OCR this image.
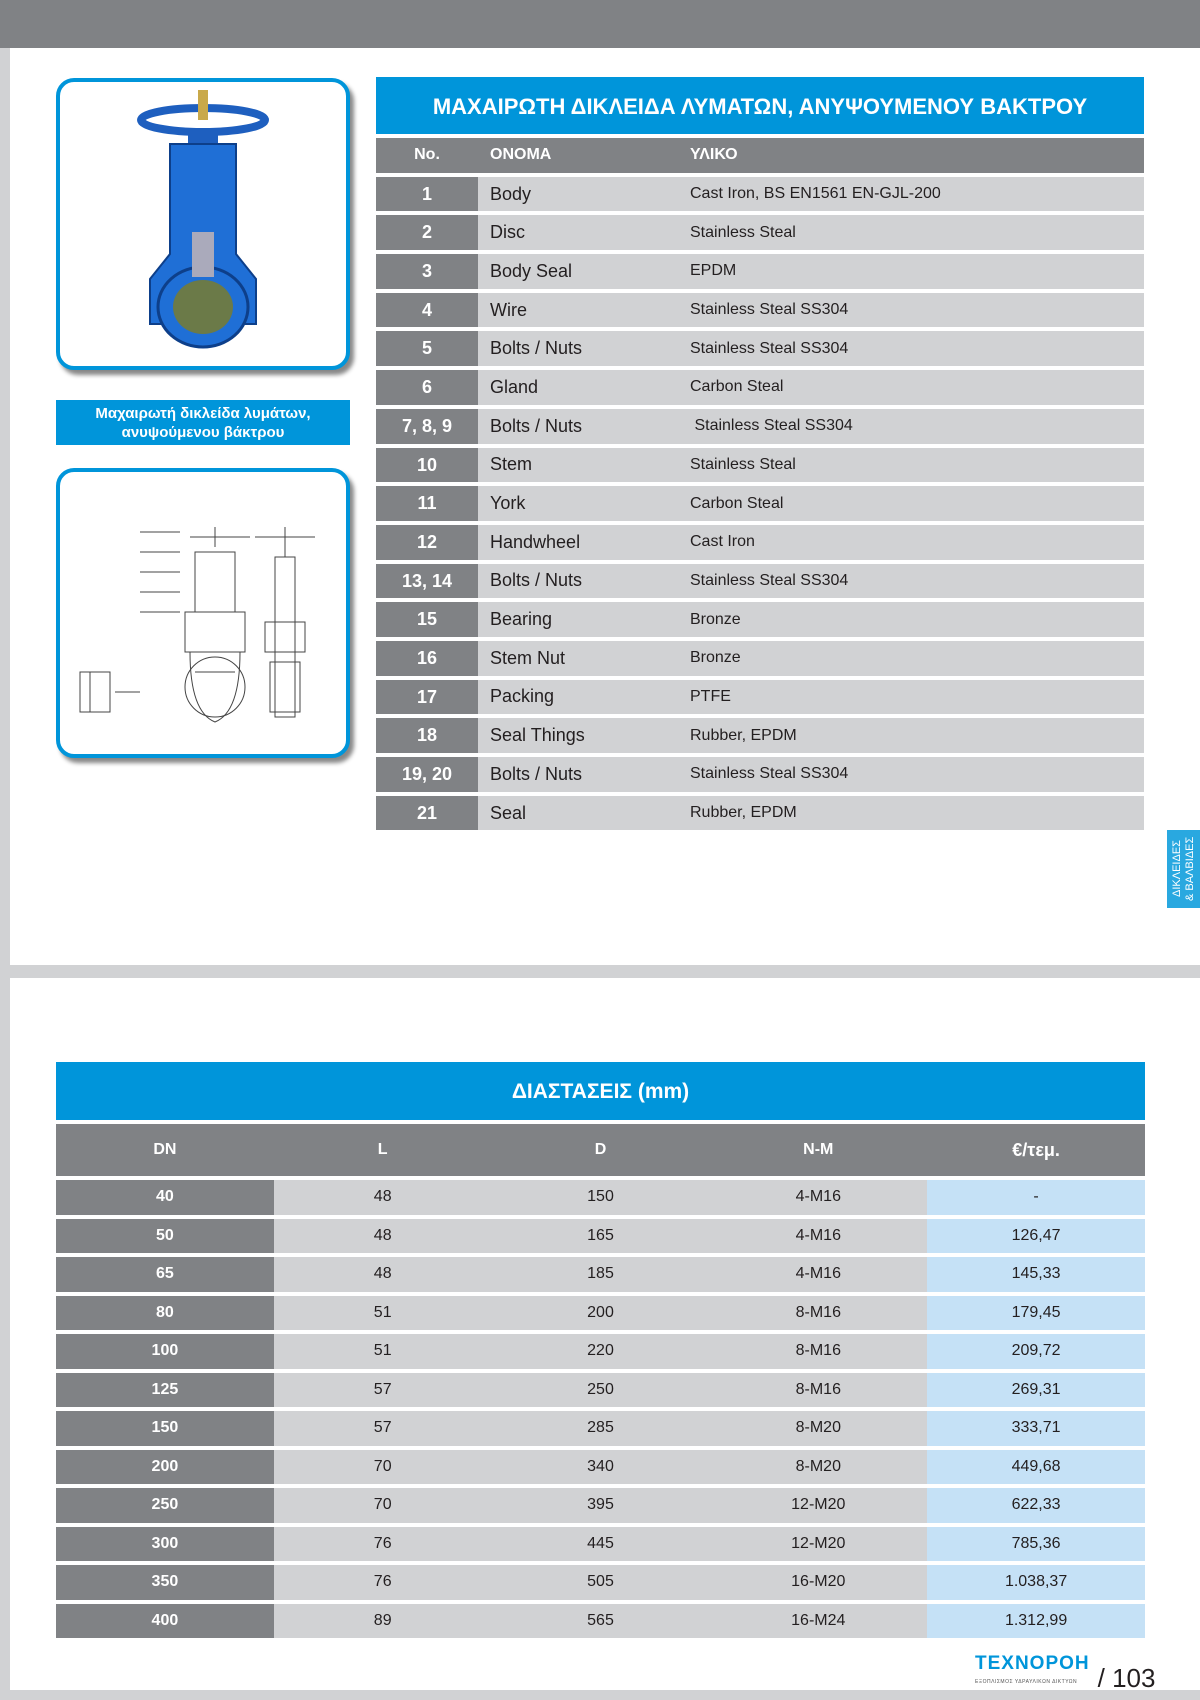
Μαχαιρωτή δικλείδα λυμάτων, ανυψούμενου βάκτρου
ΜΑΧΑΙΡΩΤΗ ΔΙΚΛΕΙΔΑ ΛΥΜΑΤΩΝ, ΑΝΥΨΟΥΜΕΝΟΥ ΒΑΚΤΡΟΥ
No.	ΟΝΟΜΑ	ΥΛΙΚΟ
1	Body	Cast Iron, BS EN1561 EN-GJL-200
2	Disc	Stainless Steal
3	Body Seal	EPDM
4	Wire	Stainless Steal SS304
5	Bolts / Nuts	Stainless Steal SS304
6	Gland	Carbon Steal
7, 8, 9	Bolts / Nuts	Stainless Steal SS304
10	Stem	Stainless Steal
11	York	Carbon Steal
12	Handwheel	Cast Iron
13, 14	Bolts / Nuts	Stainless Steal SS304
15	Bearing	Bronze
16	Stem Nut	Bronze
17	Packing	PTFE
18	Seal Things	Rubber, EPDM
19, 20	Bolts / Nuts	Stainless Steal SS304
21	Seal	Rubber, EPDM
ΔΙΚΛΕΙΔΕΣ
& ΒΑΛΒΙΔΕΣ
ΔΙΑΣΤΑΣΕΙΣ (mm)
DN	L	D	N-M	€/τεμ.
40	48	150	4-M16	-
50	48	165	4-M16	126,47
65	48	185	4-M16	145,33
80	51	200	8-M16	179,45
100	51	220	8-M16	209,72
125	57	250	8-M16	269,31
150	57	285	8-M20	333,71
200	70	340	8-M20	449,68
250	70	395	12-M20	622,33
300	76	445	12-M20	785,36
350	76	505	16-M20	1.038,37
400	89	565	16-M24	1.312,99
ΤΕΧΝΟΡΟΗ
ΕΞΟΠΛΙΣΜΟΣ ΥΔΡΑΥΛΙΚΩΝ ΔΙΚΤΥΩΝ / 103
